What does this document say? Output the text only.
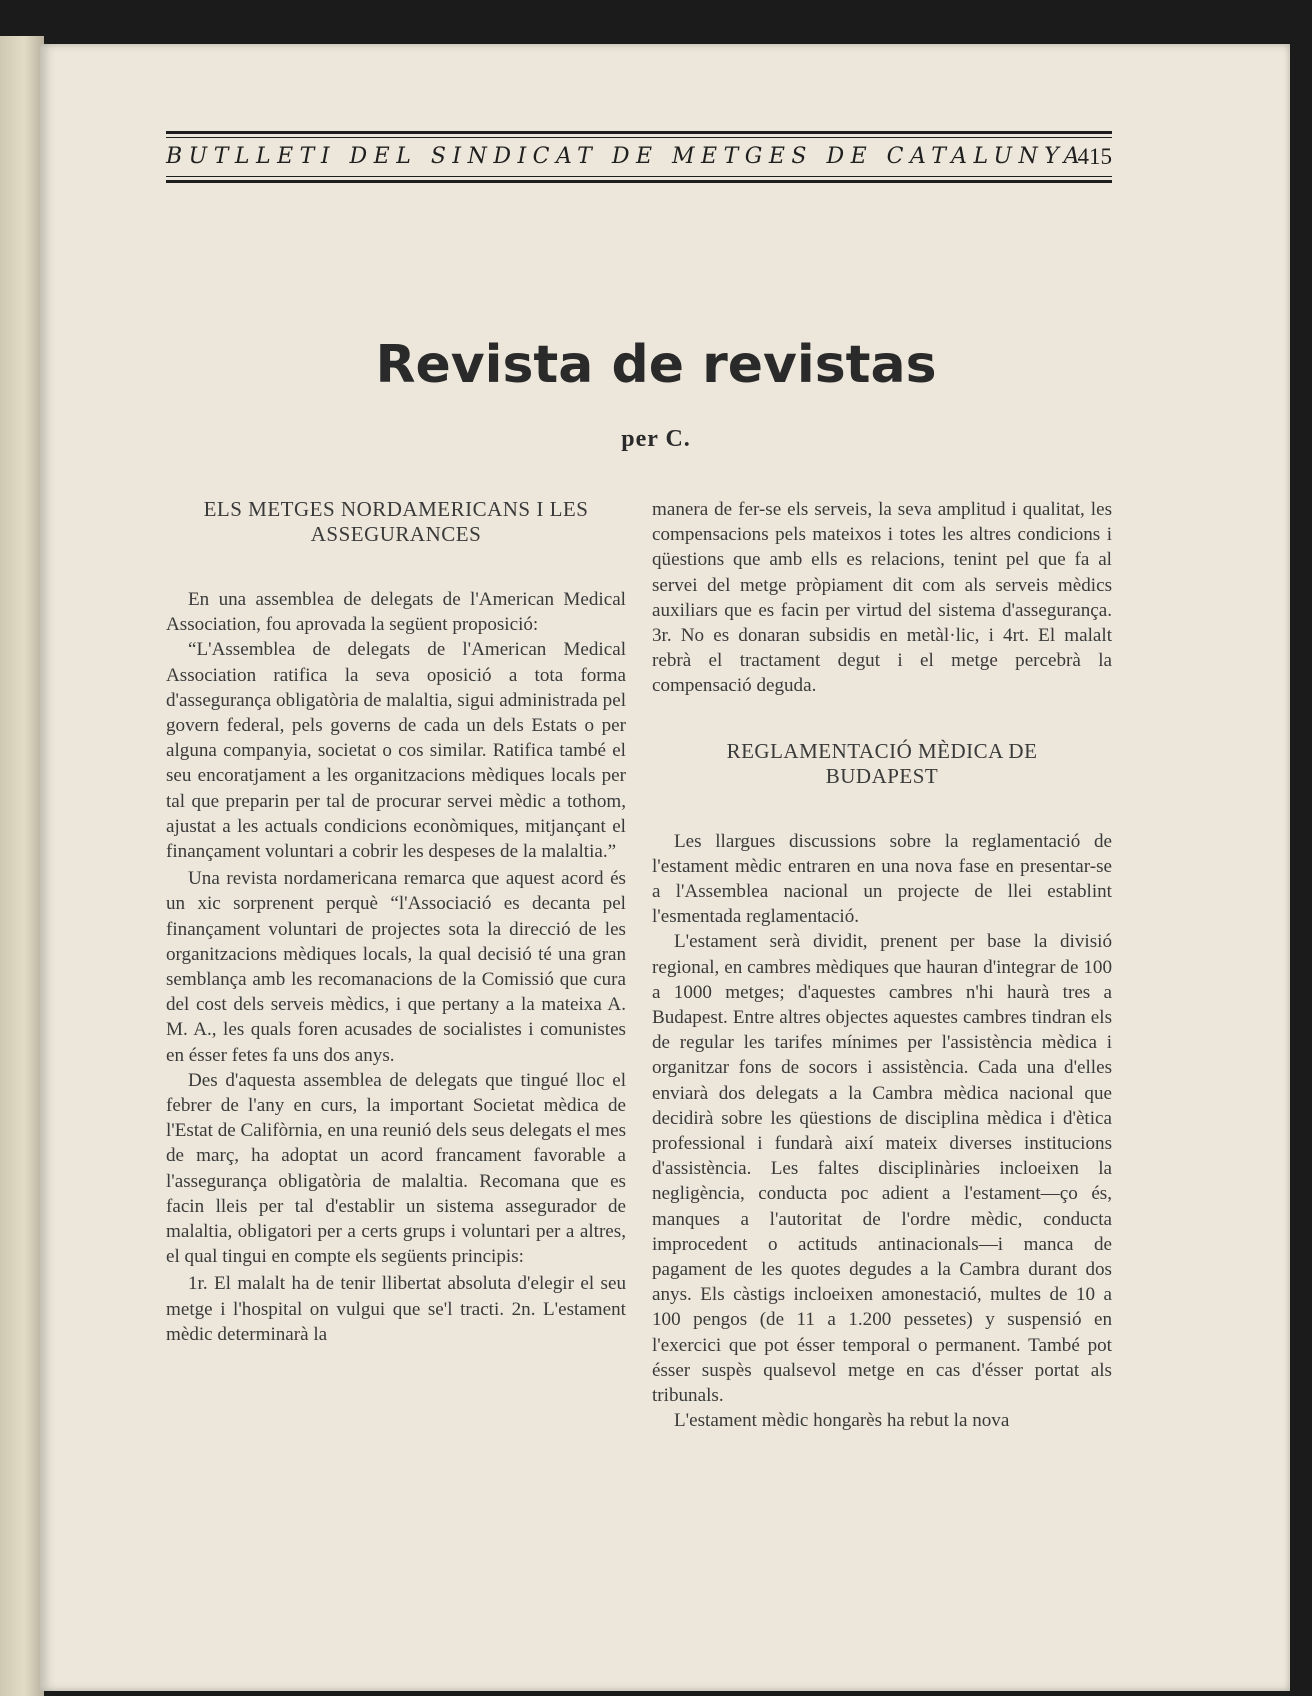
BUTLLETI DEL SINDICAT DE METGES DE CATALUNYA
415
Revista de revistas
per C.
ELS METGES NORDAMERICANS I LES ASSEGURANCES

En una assemblea de delegats de l'American Medical Association, fou aprovada la següent proposició:

“L'Assemblea de delegats de l'American Medical Association ratifica la seva oposició a tota forma d'assegurança obligatòria de malaltia, sigui administrada pel govern federal, pels governs de cada un dels Estats o per alguna companyia, societat o cos similar. Ratifica també el seu encoratjament a les organitzacions mèdiques locals per tal que preparin per tal de procurar servei mèdic a tothom, ajustat a les actuals condicions econòmiques, mitjançant el finançament voluntari a cobrir les despeses de la malaltia.”

Una revista nordamericana remarca que aquest acord és un xic sorprenent perquè “l'Associació es decanta pel finançament voluntari de projectes sota la direcció de les organitzacions mèdiques locals, la qual decisió té una gran semblança amb les recomanacions de la Comissió que cura del cost dels serveis mèdics, i que pertany a la mateixa A. M. A., les quals foren acusades de socialistes i comunistes en ésser fetes fa uns dos anys.

Des d'aquesta assemblea de delegats que tingué lloc el febrer de l'any en curs, la important Societat mèdica de l'Estat de Califòrnia, en una reunió dels seus delegats el mes de març, ha adoptat un acord francament favorable a l'assegurança obligatòria de malaltia. Recomana que es facin lleis per tal d'establir un sistema assegurador de malaltia, obligatori per a certs grups i voluntari per a altres, el qual tingui en compte els següents principis:

1r. El malalt ha de tenir llibertat absoluta d'elegir el seu metge i l'hospital on vulgui que se'l tracti. 2n. L'estament mèdic determinarà la

manera de fer-se els serveis, la seva amplitud i qualitat, les compensacions pels mateixos i totes les altres condicions i qüestions que amb ells es relacions, tenint pel que fa al servei del metge pròpiament dit com als serveis mèdics auxiliars que es facin per virtud del sistema d'assegurança. 3r. No es donaran subsidis en metàl·lic, i 4rt. El malalt rebrà el tractament degut i el metge percebrà la compensació deguda.

REGLAMENTACIÓ MÈDICA DE BUDAPEST

Les llargues discussions sobre la reglamentació de l'estament mèdic entraren en una nova fase en presentar-se a l'Assemblea nacional un projecte de llei establint l'esmentada reglamentació.

L'estament serà dividit, prenent per base la divisió regional, en cambres mèdiques que hauran d'integrar de 100 a 1000 metges; d'aquestes cambres n'hi haurà tres a Budapest. Entre altres objectes aquestes cambres tindran els de regular les tarifes mínimes per l'assistència mèdica i organitzar fons de socors i assistència. Cada una d'elles enviarà dos delegats a la Cambra mèdica nacional que decidirà sobre les qüestions de disciplina mèdica i d'ètica professional i fundarà així mateix diverses institucions d'assistència. Les faltes disciplinàries incloeixen la negligència, conducta poc adient a l'estament—ço és, manques a l'autoritat de l'ordre mèdic, conducta improcedent o actituds antinacionals—i manca de pagament de les quotes degudes a la Cambra durant dos anys. Els càstigs incloeixen amonestació, multes de 10 a 100 pengos (de 11 a 1.200 pessetes) y suspensió en l'exercici que pot ésser temporal o permanent. També pot ésser suspès qualsevol metge en cas d'ésser portat als tribunals.

L'estament mèdic hongarès ha rebut la nova
